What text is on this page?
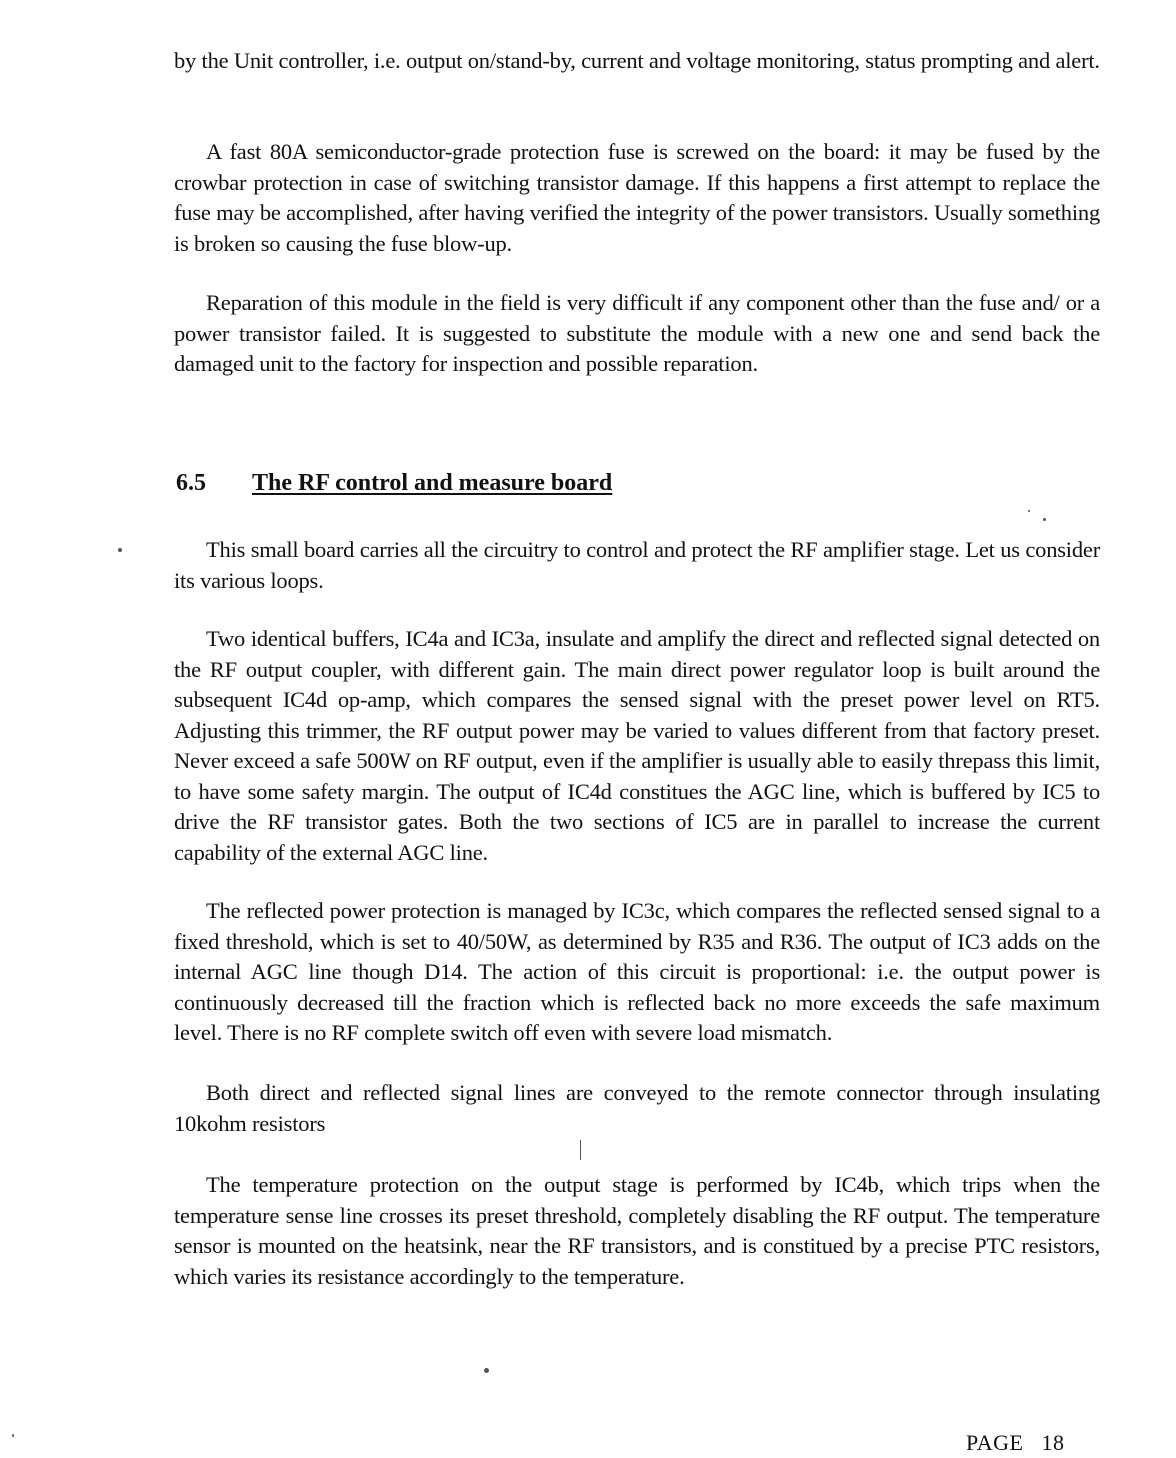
by the Unit controller, i.e. output on/stand-by, current and voltage monitoring, status prompting and alert.

A fast 80A semiconductor-grade protection fuse is screwed on the board: it may be fused by the crowbar protection in case of switching transistor damage. If this happens a first attempt to replace the fuse may be accomplished, after having verified the integrity of the power transistors. Usually something is broken so causing the fuse blow-up.

Reparation of this module in the field is very difficult if any component other than the fuse and/ or a power transistor failed. It is suggested to substitute the module with a new one and send back the damaged unit to the factory for inspection and possible reparation.

6.5 The RF control and measure board

This small board carries all the circuitry to control and protect the RF amplifier stage. Let us consider its various loops.

Two identical buffers, IC4a and IC3a, insulate and amplify the direct and reflected signal detected on the RF output coupler, with different gain. The main direct power regulator loop is built around the subsequent IC4d op-amp, which compares the sensed signal with the preset power level on RT5. Adjusting this trimmer, the RF output power may be varied to values different from that factory preset. Never exceed a safe 500W on RF output, even if the amplifier is usually able to easily threpass this limit, to have some safety margin. The output of IC4d constitues the AGC line, which is buffered by IC5 to drive the RF transistor gates. Both the two sections of IC5 are in parallel to increase the current capability of the external AGC line.

The reflected power protection is managed by IC3c, which compares the reflected sensed signal to a fixed threshold, which is set to 40/50W, as determined by R35 and R36. The output of IC3 adds on the internal AGC line though D14. The action of this circuit is proportional: i.e. the output power is continuously decreased till the fraction which is reflected back no more exceeds the safe maximum level. There is no RF complete switch off even with severe load mismatch.

Both direct and reflected signal lines are conveyed to the remote connector through insulating 10kohm resistors

The temperature protection on the output stage is performed by IC4b, which trips when the temperature sense line crosses its preset threshold, completely disabling the RF output. The temperature sensor is mounted on the heatsink, near the RF transistors, and is constitued by a precise PTC resistors, which varies its resistance accordingly to the temperature.

PAGE 18
